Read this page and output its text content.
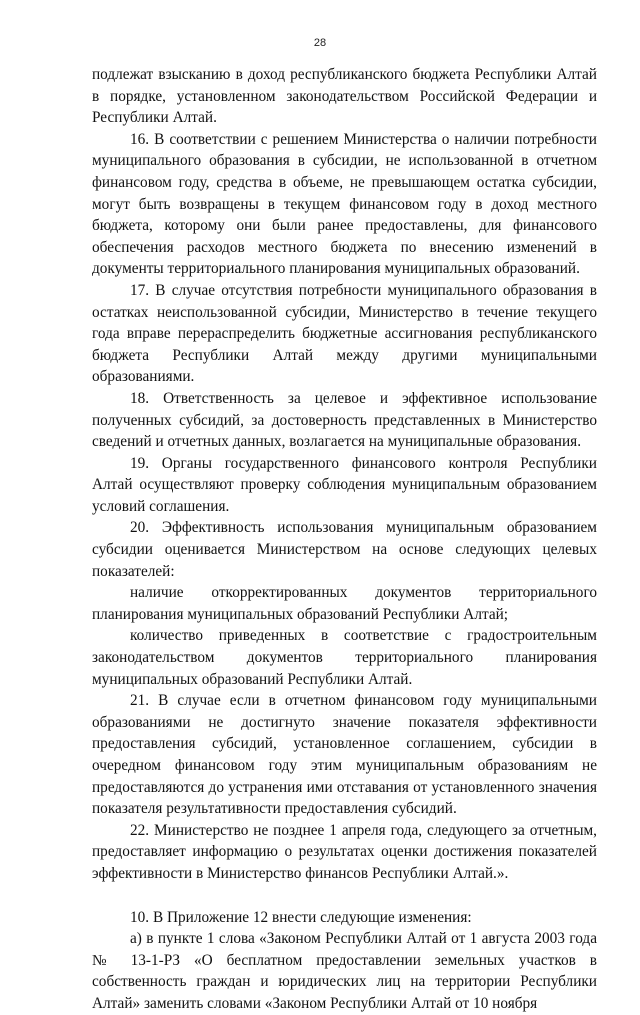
28

подлежат взысканию в доход республиканского бюджета Республики Алтай в порядке, установленном законодательством Российской Федерации и Республики Алтай.

16. В соответствии с решением Министерства о наличии потребности муниципального образования в субсидии, не использованной в отчетном финансовом году, средства в объеме, не превышающем остатка субсидии, могут быть возвращены в текущем финансовом году в доход местного бюджета, которому они были ранее предоставлены, для финансового обеспечения расходов местного бюджета по внесению изменений в документы территориального планирования муниципальных образований.

17. В случае отсутствия потребности муниципального образования в остатках неиспользованной субсидии, Министерство в течение текущего года вправе перераспределить бюджетные ассигнования республиканского бюджета Республики Алтай между другими муниципальными образованиями.

18. Ответственность за целевое и эффективное использование полученных субсидий, за достоверность представленных в Министерство сведений и отчетных данных, возлагается на муниципальные образования.

19. Органы государственного финансового контроля Республики Алтай осуществляют проверку соблюдения муниципальным образованием условий соглашения.

20. Эффективность использования муниципальным образованием субсидии оценивается Министерством на основе следующих целевых показателей:

наличие откорректированных документов территориального планирования муниципальных образований Республики Алтай;

количество приведенных в соответствие с градостроительным законодательством документов территориального планирования муниципальных образований Республики Алтай.

21. В случае если в отчетном финансовом году муниципальными образованиями не достигнуто значение показателя эффективности предоставления субсидий, установленное соглашением, субсидии в очередном финансовом году этим муниципальным образованиям не предоставляются до устранения ими отставания от установленного значения показателя результативности предоставления субсидий.

22. Министерство не позднее 1 апреля года, следующего за отчетным, предоставляет информацию о результатах оценки достижения показателей эффективности в Министерство финансов Республики Алтай.».

10. В Приложение 12 внести следующие изменения:

а) в пункте 1 слова «Законом Республики Алтай от 1 августа 2003 года № 13-1-РЗ «О бесплатном предоставлении земельных участков в собственность граждан и юридических лиц на территории Республики Алтай» заменить словами «Законом Республики Алтай от 10 ноября
